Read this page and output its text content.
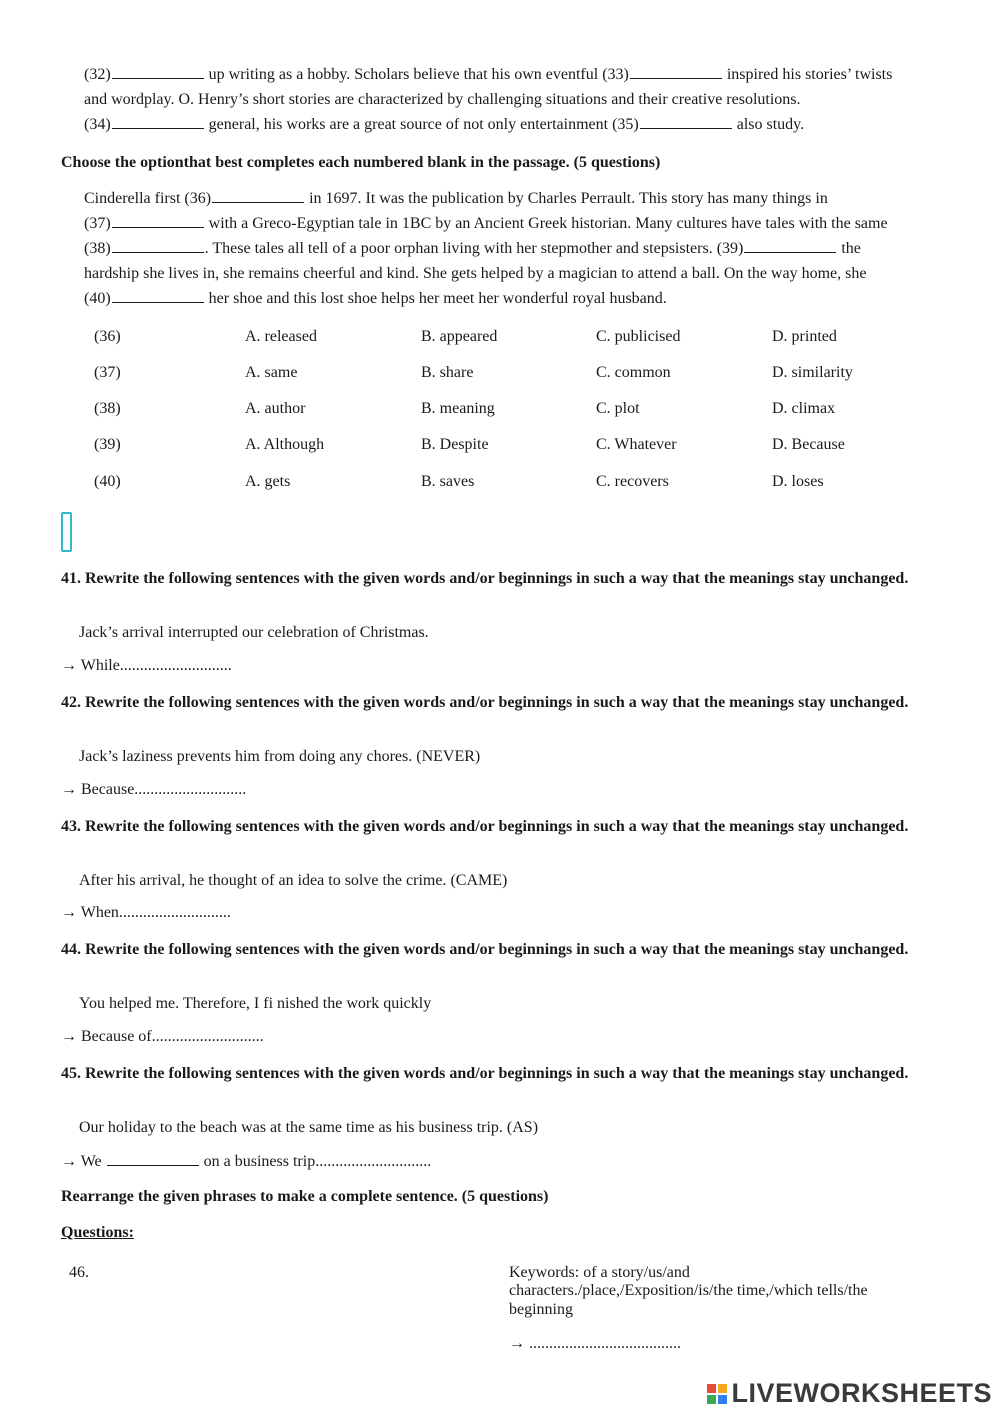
(32)	up writing as a hobby. Scholars believe that his own eventful (33)	inspired his stories’ twists
and wordplay. O. Henry’s short stories are characterized by challenging situations and their creative resolutions.
(34)	general, his works are a great source of not only entertainment (35)	also study.
Choose the optionthat best completes each numbered blank in the passage. (5 questions)
Cinderella first (36)	in 1697. It was the publication by Charles Perrault. This story has many things in
(37)	with a Greco-Egyptian tale in 1BC by an Ancient Greek historian. Many cultures have tales with the same
(38)	. These tales all tell of a poor orphan living with her stepmother and stepsisters. (39)	the
hardship she lives in, she remains cheerful and kind. She gets helped by a magician to attend a ball. On the way home, she
(40)	her shoe and this lost shoe helps her meet her wonderful royal husband.
(36)	A. released	B. appeared	C. publicised	D. printed
(37)	A. same	B. share	C. common	D. similarity
(38)	A. author	B. meaning	C. plot	D. climax
(39)	A. Although	B. Despite	C. Whatever	D. Because
(40)	A. gets	B. saves	C. recovers	D. loses
41. Rewrite the following sentences with the given words and/or beginnings in such a way that the meanings stay unchanged.
Jack’s arrival interrupted our celebration of Christmas.
→ While............................
42. Rewrite the following sentences with the given words and/or beginnings in such a way that the meanings stay unchanged.
Jack’s laziness prevents him from doing any chores. (NEVER)
→ Because............................
43. Rewrite the following sentences with the given words and/or beginnings in such a way that the meanings stay unchanged.
After his arrival, he thought of an idea to solve the crime. (CAME)
→ When............................
44. Rewrite the following sentences with the given words and/or beginnings in such a way that the meanings stay unchanged.
You helped me. Therefore, I fi nished the work quickly
→ Because of............................
45. Rewrite the following sentences with the given words and/or beginnings in such a way that the meanings stay unchanged.
Our holiday to the beach was at the same time as his business trip. (AS)
→ We	on a business trip.............................
Rearrange the given phrases to make a complete sentence. (5 questions)
Questions:
46.	Keywords: of a story/us/and
characters./place,/Exposition/is/the time,/which tells/the
beginning
→ ......................................
LIVEWORKSHEETS
